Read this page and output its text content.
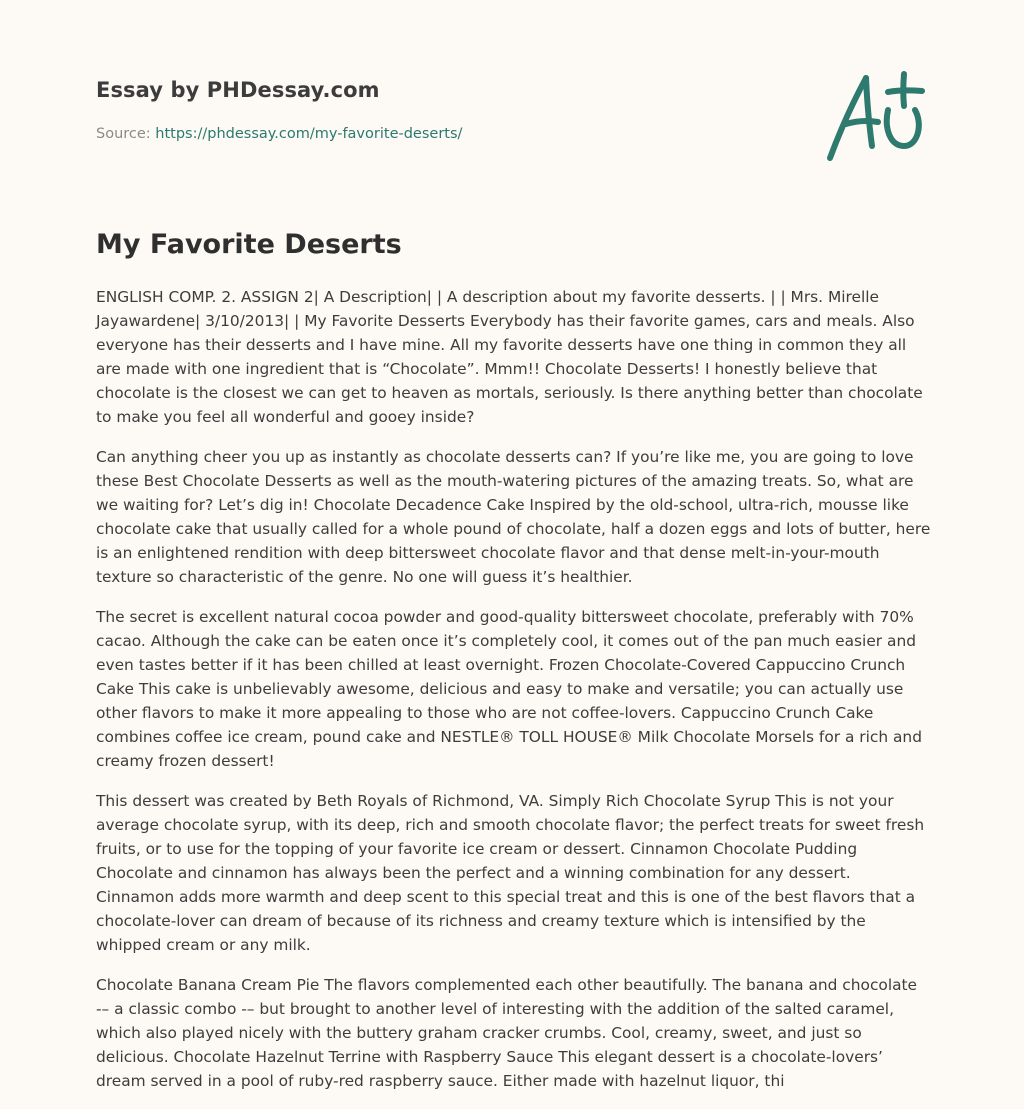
Essay by PHDessay.com
Source: https://phdessay.com/my-favorite-deserts/
My Favorite Deserts

ENGLISH COMP. 2. ASSIGN 2| A Description| | A description about my favorite desserts. | | Mrs. Mirelle Jayawardene| 3/10/2013| | My Favorite Desserts Everybody has their favorite games, cars and meals. Also everyone has their desserts and I have mine. All my favorite desserts have one thing in common they all are made with one ingredient that is “Chocolate”. Mmm!! Chocolate Desserts! I honestly believe that chocolate is the closest we can get to heaven as mortals, seriously. Is there anything better than chocolate to make you feel all wonderful and gooey inside?

Can anything cheer you up as instantly as chocolate desserts can? If you’re like me, you are going to love these Best Chocolate Desserts as well as the mouth-watering pictures of the amazing treats. So, what are we waiting for? Let’s dig in! Chocolate Decadence Cake Inspired by the old-school, ultra-rich, mousse like chocolate cake that usually called for a whole pound of chocolate, half a dozen eggs and lots of butter, here is an enlightened rendition with deep bittersweet chocolate flavor and that dense melt-in-your-mouth texture so characteristic of the genre. No one will guess it’s healthier.

The secret is excellent natural cocoa powder and good-quality bittersweet chocolate, preferably with 70% cacao. Although the cake can be eaten once it’s completely cool, it comes out of the pan much easier and even tastes better if it has been chilled at least overnight. Frozen Chocolate-Covered Cappuccino Crunch Cake This cake is unbelievably awesome, delicious and easy to make and versatile; you can actually use other flavors to make it more appealing to those who are not coffee-lovers. Cappuccino Crunch Cake combines coffee ice cream, pound cake and NESTLE® TOLL HOUSE® Milk Chocolate Morsels for a rich and creamy frozen dessert!

This dessert was created by Beth Royals of Richmond, VA. Simply Rich Chocolate Syrup This is not your average chocolate syrup, with its deep, rich and smooth chocolate flavor; the perfect treats for sweet fresh fruits, or to use for the topping of your favorite ice cream or dessert. Cinnamon Chocolate Pudding Chocolate and cinnamon has always been the perfect and a winning combination for any dessert. Cinnamon adds more warmth and deep scent to this special treat and this is one of the best flavors that a chocolate-lover can dream of because of its richness and creamy texture which is intensified by the whipped cream or any milk.

Chocolate Banana Cream Pie The flavors complemented each other beautifully. The banana and chocolate -– a classic combo -– but brought to another level of interesting with the addition of the salted caramel, which also played nicely with the buttery graham cracker crumbs. Cool, creamy, sweet, and just so delicious. Chocolate Hazelnut Terrine with Raspberry Sauce This elegant dessert is a chocolate-lovers’ dream served in a pool of ruby-red raspberry sauce. Either made with hazelnut liquor, thi
